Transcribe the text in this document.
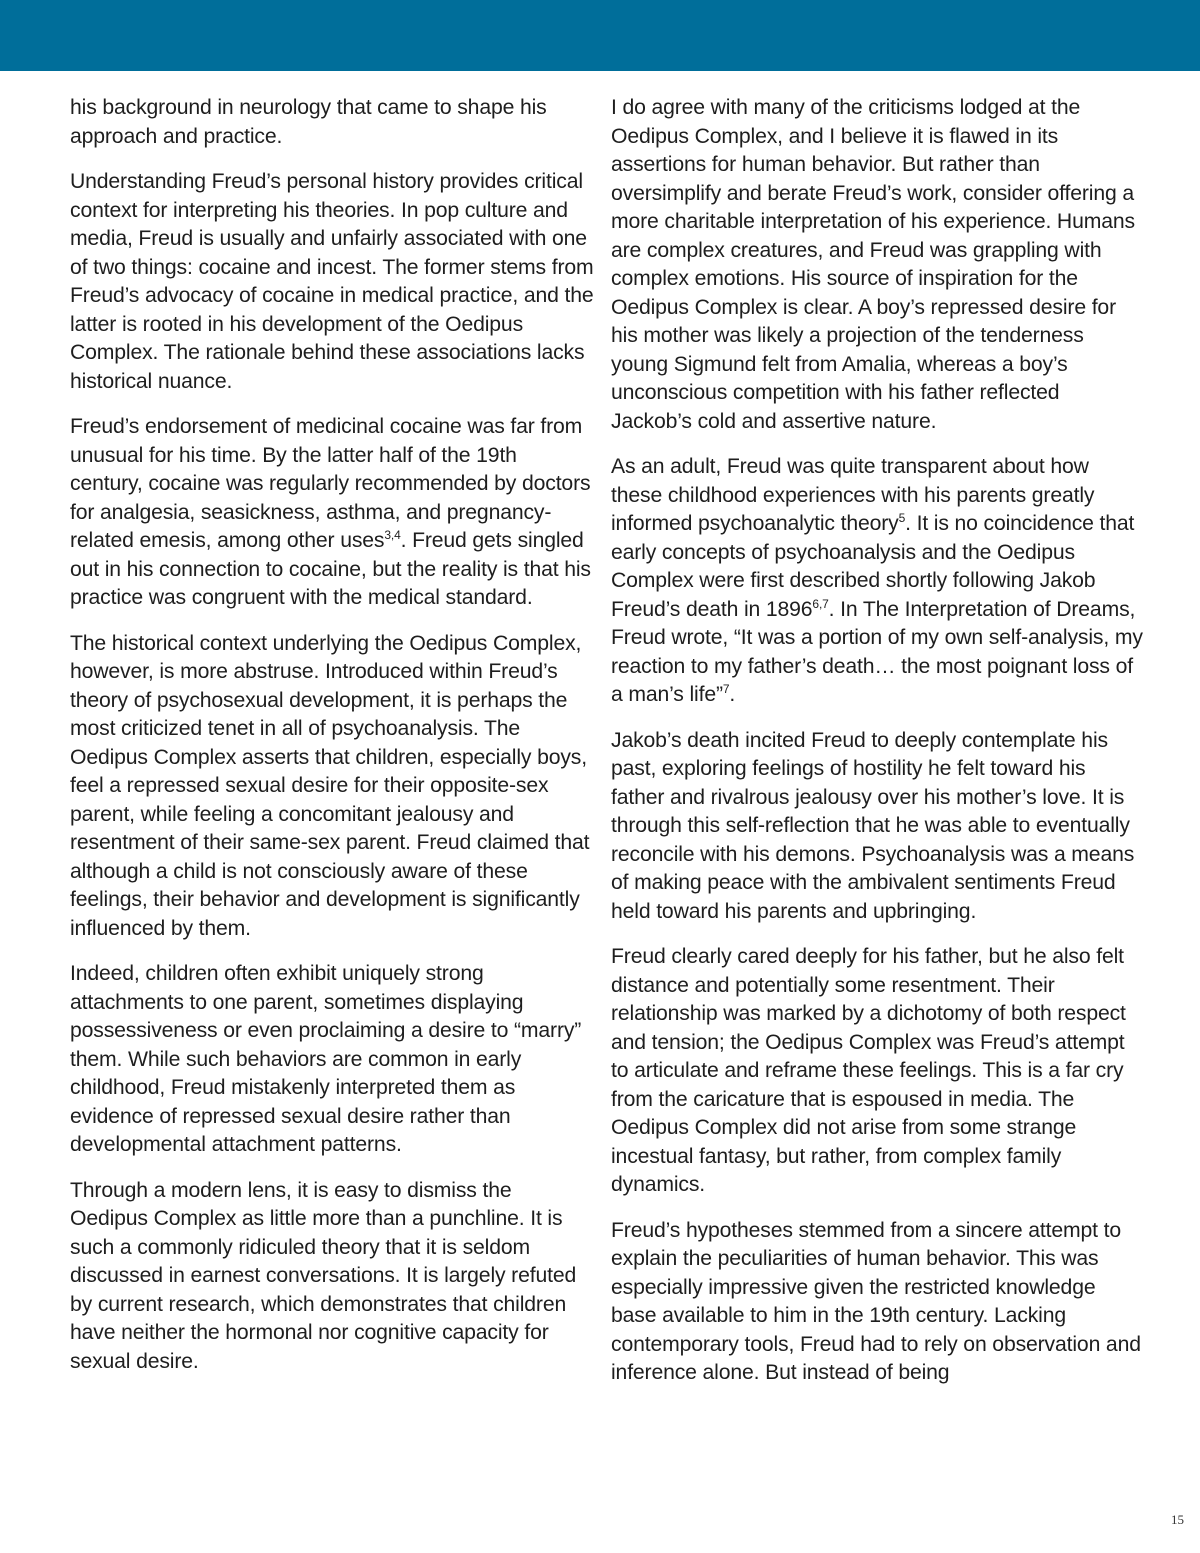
his background in neurology that came to shape his approach and practice.

Understanding Freud’s personal history provides critical context for interpreting his theories. In pop culture and media, Freud is usually and unfairly associated with one of two things: cocaine and incest. The former stems from Freud’s advocacy of cocaine in medical practice, and the latter is rooted in his development of the Oedipus Complex. The rationale behind these associations lacks historical nuance.

Freud’s endorsement of medicinal cocaine was far from unusual for his time. By the latter half of the 19th century, cocaine was regularly recommended by doctors for analgesia, seasickness, asthma, and pregnancy-related emesis, among other uses$^{3,4}$. Freud gets singled out in his connection to cocaine, but the reality is that his practice was congruent with the medical standard.

The historical context underlying the Oedipus Complex, however, is more abstruse. Introduced within Freud’s theory of psychosexual development, it is perhaps the most criticized tenet in all of psychoanalysis. The Oedipus Complex asserts that children, especially boys, feel a repressed sexual desire for their opposite-sex parent, while feeling a concomitant jealousy and resentment of their same-sex parent. Freud claimed that although a child is not consciously aware of these feelings, their behavior and development is significantly influenced by them.

Indeed, children often exhibit uniquely strong attachments to one parent, sometimes displaying possessiveness or even proclaiming a desire to “marry” them. While such behaviors are common in early childhood, Freud mistakenly interpreted them as evidence of repressed sexual desire rather than developmental attachment patterns.

Through a modern lens, it is easy to dismiss the Oedipus Complex as little more than a punchline. It is such a commonly ridiculed theory that it is seldom discussed in earnest conversations. It is largely refuted by current research, which demonstrates that children have neither the hormonal nor cognitive capacity for sexual desire.

I do agree with many of the criticisms lodged at the Oedipus Complex, and I believe it is flawed in its assertions for human behavior. But rather than oversimplify and berate Freud’s work, consider offering a more charitable interpretation of his experience. Humans are complex creatures, and Freud was grappling with complex emotions. His source of inspiration for the Oedipus Complex is clear. A boy’s repressed desire for his mother was likely a projection of the tenderness young Sigmund felt from Amalia, whereas a boy’s unconscious competition with his father reflected Jackob’s cold and assertive nature.

As an adult, Freud was quite transparent about how these childhood experiences with his parents greatly informed psychoanalytic theory$^5$. It is no coincidence that early concepts of psychoanalysis and the Oedipus Complex were first described shortly following Jakob Freud’s death in 1896$^{6,7}$. In The Interpretation of Dreams, Freud wrote, “It was a portion of my own self-analysis, my reaction to my father’s death… the most poignant loss of a man’s life”$^7$.

Jakob’s death incited Freud to deeply contemplate his past, exploring feelings of hostility he felt toward his father and rivalrous jealousy over his mother’s love. It is through this self-reflection that he was able to eventually reconcile with his demons. Psychoanalysis was a means of making peace with the ambivalent sentiments Freud held toward his parents and upbringing.

Freud clearly cared deeply for his father, but he also felt distance and potentially some resentment. Their relationship was marked by a dichotomy of both respect and tension; the Oedipus Complex was Freud’s attempt to articulate and reframe these feelings. This is a far cry from the caricature that is espoused in media. The Oedipus Complex did not arise from some strange incestual fantasy, but rather, from complex family dynamics.

Freud’s hypotheses stemmed from a sincere attempt to explain the peculiarities of human behavior. This was especially impressive given the restricted knowledge base available to him in the 19th century. Lacking contemporary tools, Freud had to rely on observation and inference alone. But instead of being

15
